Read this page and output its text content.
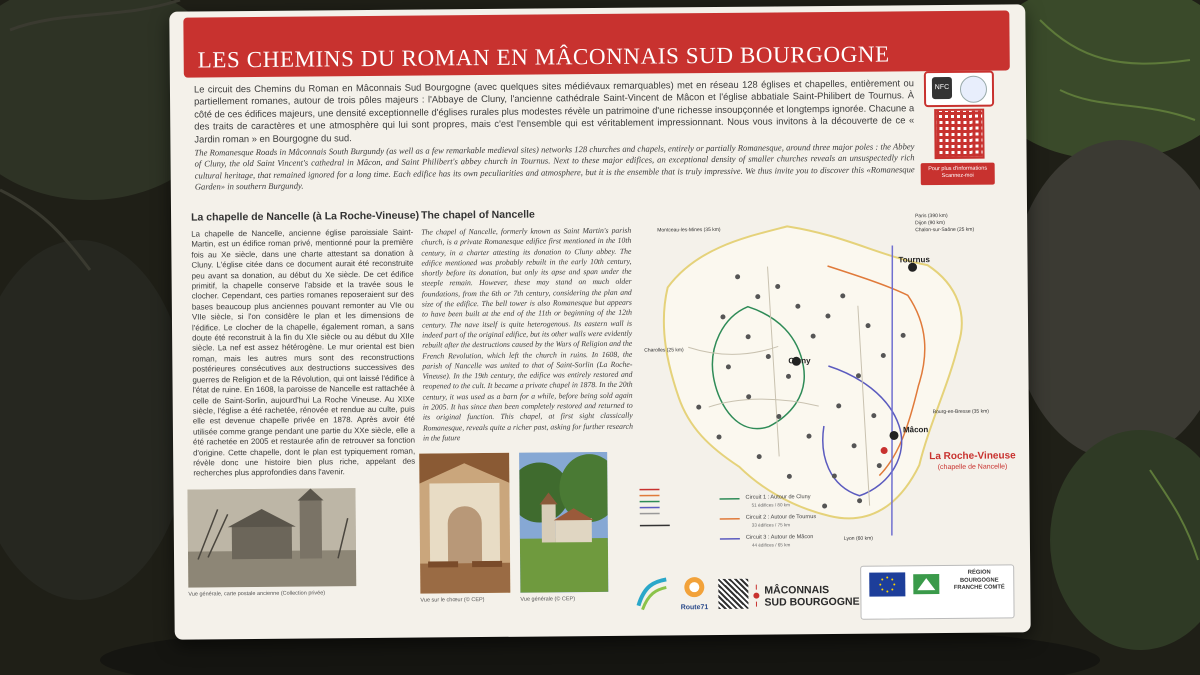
LES CHEMINS DU ROMAN EN MÂCONNAIS SUD BOURGOGNE

Le circuit des Chemins du Roman en Mâconnais Sud Bourgogne (avec quelques sites médiévaux remarquables) met en réseau 128 églises et chapelles, entièrement ou partiellement romanes, autour de trois pôles majeurs : l'Abbaye de Cluny, l'ancienne cathédrale Saint-Vincent de Mâcon et l'église abbatiale Saint-Philibert de Tournus. À côté de ces édifices majeurs, une densité exceptionnelle d'églises rurales plus modestes révèle un patrimoine d'une richesse insoupçonnée et longtemps ignorée. Chacune a des traits de caractères et une atmosphère qui lui sont propres, mais c'est l'ensemble qui est véritablement impressionnant. Nous vous invitons à la découverte de ce « Jardin roman » en Bourgogne du sud.

The Romanesque Roads in Mâconnais South Burgundy (as well as a few remarkable medieval sites) networks 128 churches and chapels, entirely or partially Romanesque, around three major poles : the Abbey of Cluny, the old Saint Vincent's cathedral in Mâcon, and Saint Philibert's abbey church in Tournus. Next to these major edifices, an exceptional density of smaller churches reveals an unsuspectedly rich cultural heritage, that remained ignored for a long time. Each edifice has its own peculiarities and atmosphere, but it is the ensemble that is truly impressive. We thus invite you to discover this «Romanesque Garden» in southern Burgundy.

NFC
Pour plus d'informations Scannez-moi
La chapelle de Nancelle (à La Roche-Vineuse) The chapel of Nancelle

La chapelle de Nancelle, ancienne église paroissiale Saint-Martin, est un édifice roman privé, mentionné pour la première fois au Xe siècle, dans une charte attestant sa donation à Cluny. L'église citée dans ce document aurait été reconstruite peu avant sa donation, au début du Xe siècle. De cet édifice primitif, la chapelle conserve l'abside et la travée sous le clocher. Cependant, ces parties romanes reposeraient sur des bases beaucoup plus anciennes pouvant remonter au VIe ou VIIe siècle, si l'on considère le plan et les dimensions de l'édifice. Le clocher de la chapelle, également roman, a sans doute été reconstruit à la fin du XIe siècle ou au début du XIIe siècle. La nef est assez hétérogène. Le mur oriental est bien roman, mais les autres murs sont des reconstructions postérieures consécutives aux destructions successives des guerres de Religion et de la Révolution, qui ont laissé l'édifice à l'état de ruine. En 1608, la paroisse de Nancelle est rattachée à celle de Saint-Sorlin, aujourd'hui La Roche Vineuse. Au XIXe siècle, l'église a été rachetée, rénovée et rendue au culte, puis elle est devenue chapelle privée en 1878. Après avoir été utilisée comme grange pendant une partie du XXe siècle, elle a été rachetée en 2005 et restaurée afin de retrouver sa fonction d'origine. Cette chapelle, dont le plan est typiquement roman, révèle donc une histoire bien plus riche, appelant des recherches plus approfondies dans l'avenir.

The chapel of Nancelle, formerly known as Saint Martin's parish church, is a private Romanesque edifice first mentioned in the 10th century, in a charter attesting its donation to Cluny abbey. The edifice mentioned was probably rebuilt in the early 10th century, shortly before its donation, but only its apse and span under the steeple remain. However, these may stand on much older foundations, from the 6th or 7th century, considering the plan and size of the edifice. The bell tower is also Romanesque but appears to have been built at the end of the 11th or beginning of the 12th century. The nave itself is quite heterogenous. Its eastern wall is indeed part of the original edifice, but its other walls were evidently rebuilt after the destructions caused by the Wars of Religion and the French Revolution, which left the church in ruins. In 1608, the parish of Nancelle was united to that of Saint-Sorlin (La Roche-Vineuse). In the 19th century, the edifice was entirely restored and reopened to the cult. It became a private chapel in 1878. In the 20th century, it was used as a barn for a while, before being sold again in 2005. It has since then been completely restored and returned to its original function. This chapel, at first sight classically Romanesque, reveals quite a richer past, asking for further research in the future

Vue générale, carte postale ancienne (Collection privée)
Vue sur le chœur (© CEP)	Vue générale (© CEP)
Tournus
Cluny
Mâcon
La Roche-Vineuse
(chapelle de Nancelle)
Paris (390 km)
Dijon (90 km)
Chalon-sur-Saône (25 km)
Montceau-les-Mines (35 km)
Charolles (25 km)
Bourg-en-Bresse (35 km)
Lyon (60 km)
Circuit 1 : Autour de Cluny
51 édifices / 80 km
Circuit 2 : Autour de Tournus
33 édifices / 75 km
Circuit 3 : Autour de Mâcon
44 édifices / 65 km
Route71
MÂCONNAIS
SUD BOURGOGNE
RÉGION BOURGOGNE FRANCHE COMTÉ
